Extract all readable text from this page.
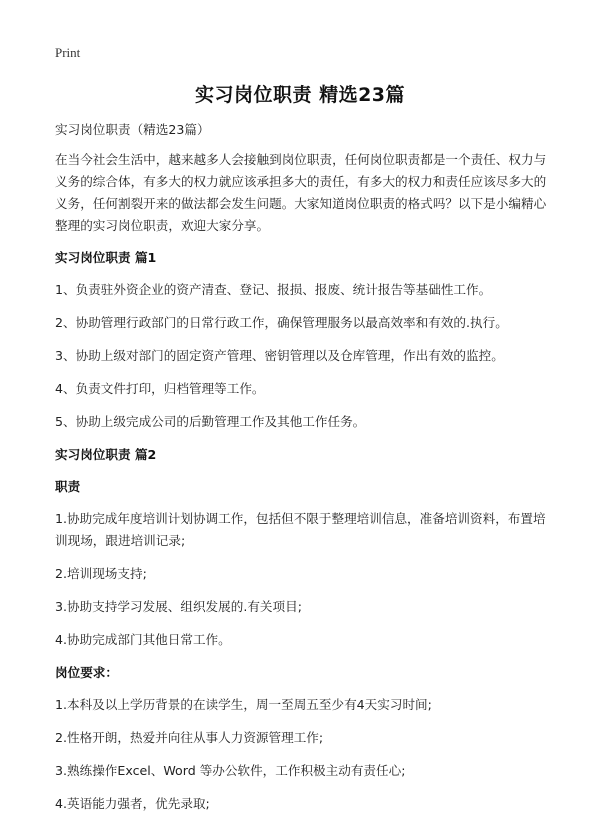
Print
实习岗位职责 精选23篇

实习岗位职责（精选23篇）

在当今社会生活中，越来越多人会接触到岗位职责，任何岗位职责都是一个责任、权力与义务的综合体，有多大的权力就应该承担多大的责任，有多大的权力和责任应该尽多大的义务，任何割裂开来的做法都会发生问题。大家知道岗位职责的格式吗？以下是小编精心整理的实习岗位职责，欢迎大家分享。

实习岗位职责 篇1

1、负责驻外资企业的资产清查、登记、报损、报废、统计报告等基础性工作。

2、协助管理行政部门的日常行政工作，确保管理服务以最高效率和有效的.执行。

3、协助上级对部门的固定资产管理、密钥管理以及仓库管理，作出有效的监控。

4、负责文件打印，归档管理等工作。

5、协助上级完成公司的后勤管理工作及其他工作任务。

实习岗位职责 篇2

职责

1.协助完成年度培训计划协调工作，包括但不限于整理培训信息，准备培训资料，布置培训现场，跟进培训记录;

2.培训现场支持;

3.协助支持学习发展、组织发展的.有关项目;

4.协助完成部门其他日常工作。

岗位要求：

1.本科及以上学历背景的在读学生，周一至周五至少有4天实习时间;

2.性格开朗，热爱并向往从事人力资源管理工作;

3.熟练操作Excel、Word 等办公软件，工作积极主动有责任心;

4.英语能力强者，优先录取;
